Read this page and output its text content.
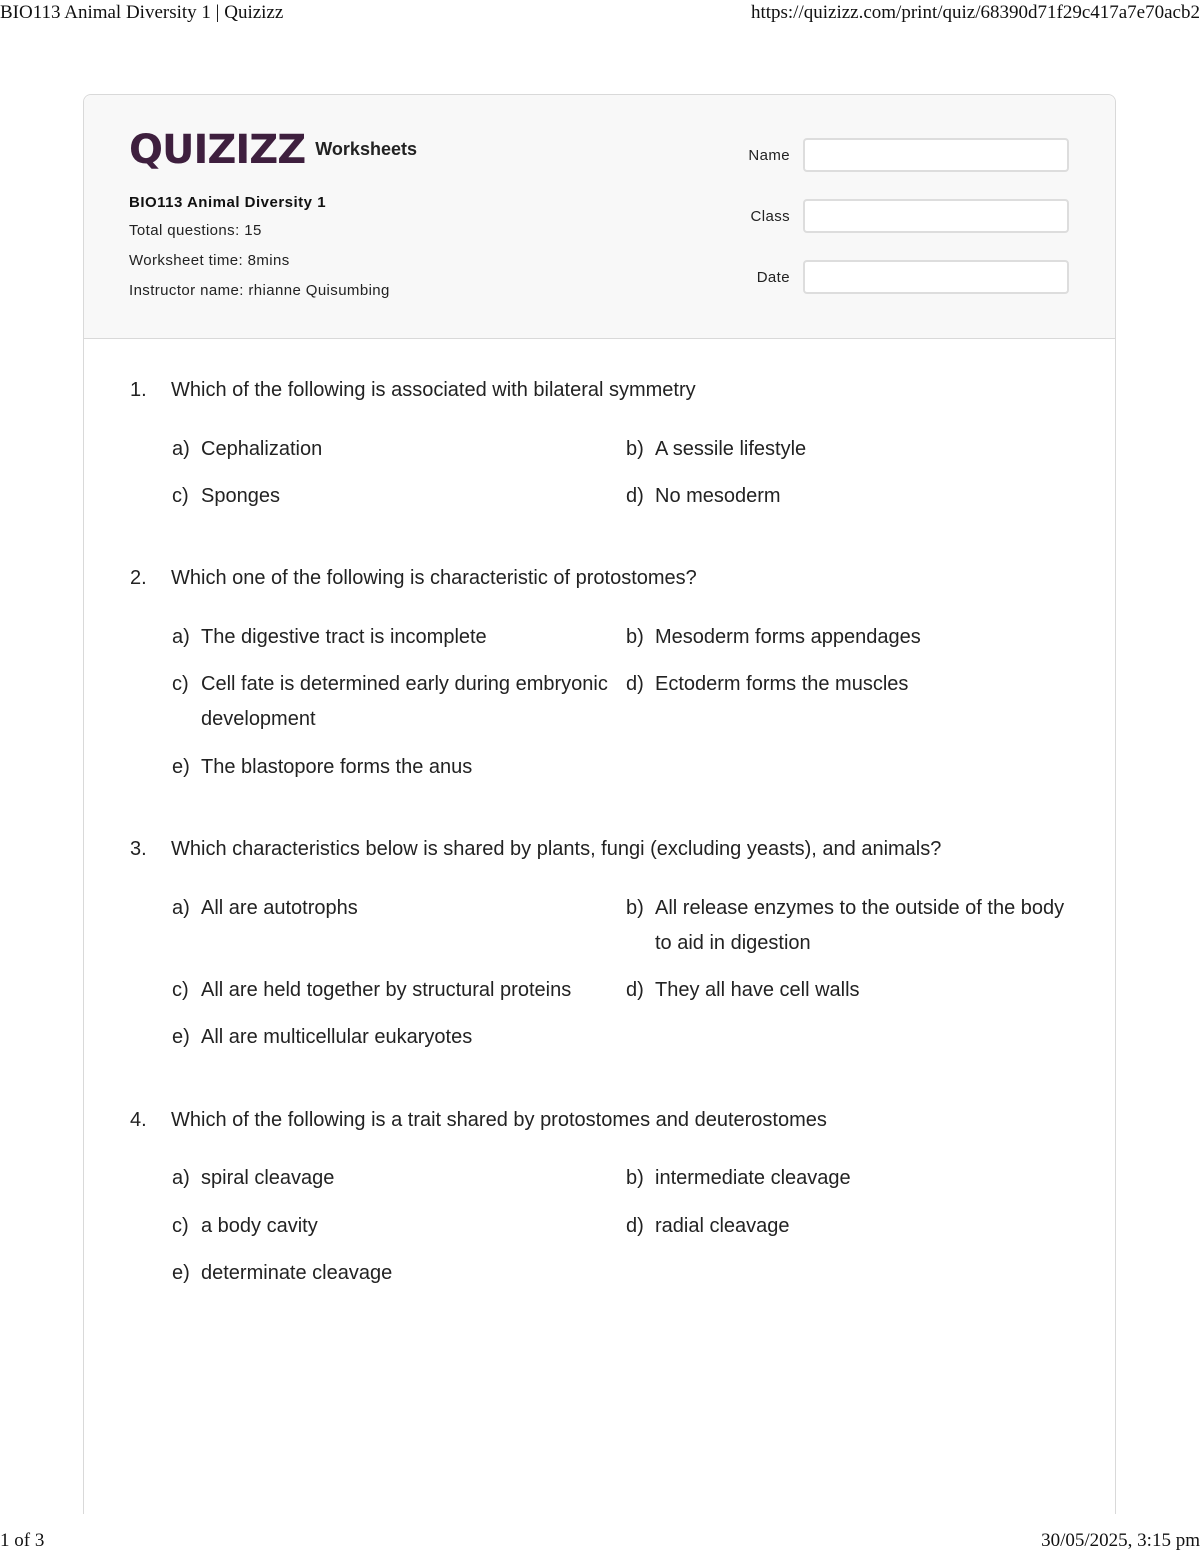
BIO113 Animal Diversity 1 | Quizizz	https://quizizz.com/print/quiz/68390d71f29c417a7e70acb2
1 of 3	30/05/2025, 3:15 pm
QUIZIZZ Worksheets
BIO113 Animal Diversity 1
Total questions: 15
Worksheet time: 8mins
Instructor name: rhianne Quisumbing
Name
Class
Date
1.	Which of the following is associated with bilateral symmetry
a) Cephalization	b) A sessile lifestyle
c) Sponges	d) No mesoderm
2.	Which one of the following is characteristic of protostomes?
a) The digestive tract is incomplete	b) Mesoderm forms appendages
c) Cell fate is determined early during embryonic development
d) Ectoderm forms the muscles
e) The blastopore forms the anus
3.	Which characteristics below is shared by plants, fungi (excluding yeasts), and animals?
a) All are autotrophs	b) All release enzymes to the outside of the body to aid in digestion
c) All are held together by structural proteins	d) They all have cell walls
e) All are multicellular eukaryotes
4.	Which of the following is a trait shared by protostomes and deuterostomes
a) spiral cleavage	b) intermediate cleavage
c) a body cavity	d) radial cleavage
e) determinate cleavage
